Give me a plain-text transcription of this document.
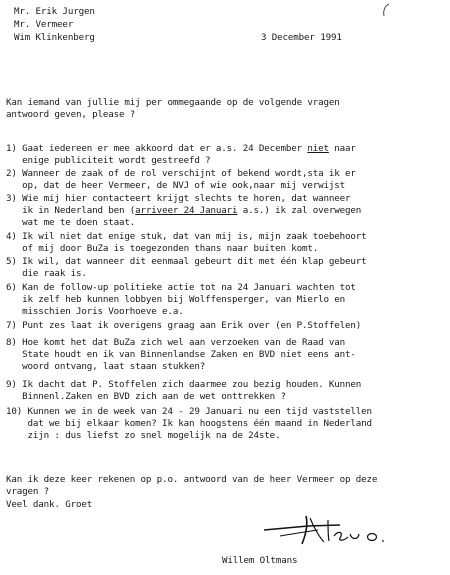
Mr. Erik Jurgen
Mr. Vermeer
Wim Klinkenberg	3 December 1991
Kan iemand van jullie mij per ommegaande op de volgende vragen
antwoord geven, please ?
1) Gaat iedereen er mee akkoord dat er a.s. 24 December niet naar
enige publiciteit wordt gestreefd ?
2) Wanneer de zaak of de rol verschijnt of bekend wordt,sta ik er
op, dat de heer Vermeer, de NVJ of wie ook,naar mij verwijst
3) Wie mij hier contacteert krijgt slechts te horen, dat wanneer
ik in Nederland ben (arriveer 24 Januari a.s.) ik zal overwegen
wat me te doen staat.
4) Ik wil niet dat enige stuk, dat van mij is, mijn zaak toebehoort
of mij door BuZa is toegezonden thans naar buiten komt.
5) Ik wil, dat wanneer dit eenmaal gebeurt dit met één klap gebeurt
die raak is.
6) Kan de follow-up politieke actie tot na 24 Januari wachten tot
ik zelf heb kunnen lobbyen bij Wolffensperger, van Mierlo en
misschien Joris Voorhoeve e.a.
7) Punt zes laat ik overigens graag aan Erik over (en P.Stoffelen)
8) Hoe komt het dat BuZa zich wel aan verzoeken van de Raad van
State houdt en ik van Binnenlandse Zaken en BVD niet eens ant-
woord ontvang, laat staan stukken?
9) Ik dacht dat P. Stoffelen zich daarmee zou bezig houden. Kunnen
Binnenl.Zaken en BVD zich aan de wet onttrekken ?
10) Kunnen we in de week van 24 - 29 Januari nu een tijd vaststellen
dat we bij elkaar komen? Ik kan hoogstens één maand in Nederland
zijn : dus liefst zo snel mogelijk na de 24ste.
Kan ik deze keer rekenen op p.o. antwoord van de heer Vermeer op deze
vragen ?
Veel dank. Groet
Willem Oltmans
